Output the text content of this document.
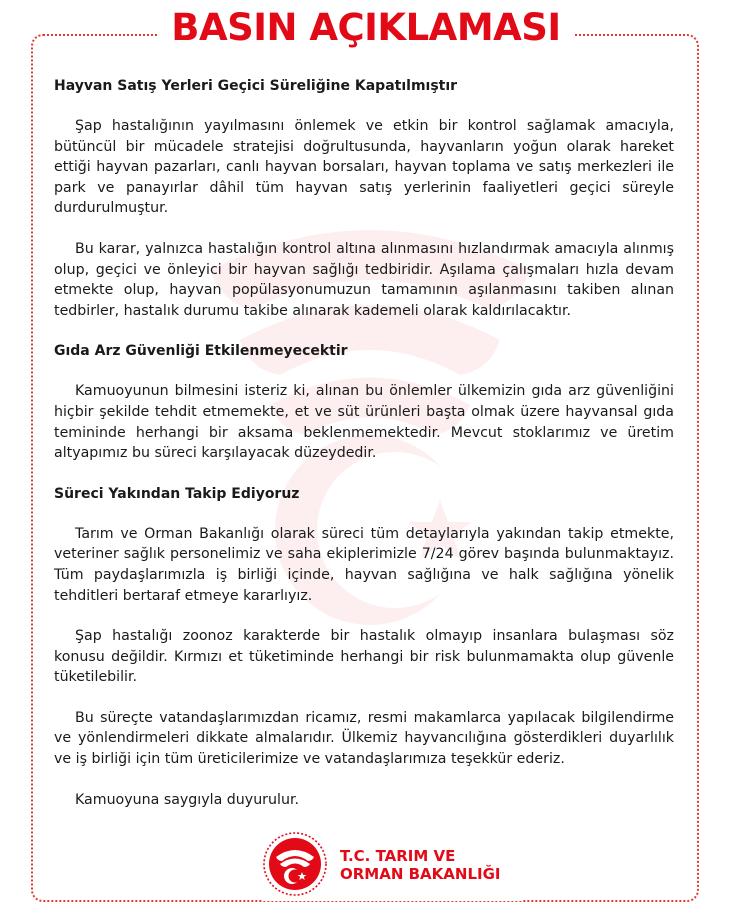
BASIN AÇIKLAMASI
Hayvan Satış Yerleri Geçici Süreliğine Kapatılmıştır

Şap hastalığının yayılmasını önlemek ve etkin bir kontrol sağlamak amacıyla, bütüncül bir mücadele stratejisi doğrultusunda, hayvanların yoğun olarak hareket ettiği hayvan pazarları, canlı hayvan borsaları, hayvan toplama ve satış merkezleri ile park ve panayırlar dâhil tüm hayvan satış yerlerinin faaliyetleri geçici süreyle durdurulmuştur.

Bu karar, yalnızca hastalığın kontrol altına alınmasını hızlandırmak amacıyla alınmış olup, geçici ve önleyici bir hayvan sağlığı tedbiridir. Aşılama çalışmaları hızla devam etmekte olup, hayvan popülasyonumuzun tamamının aşılanmasını takiben alınan tedbirler, hastalık durumu takibe alınarak kademeli olarak kaldırılacaktır.

Gıda Arz Güvenliği Etkilenmeyecektir

Kamuoyunun bilmesini isteriz ki, alınan bu önlemler ülkemizin gıda arz güvenliğini hiçbir şekilde tehdit etmemekte, et ve süt ürünleri başta olmak üzere hayvansal gıda temininde herhangi bir aksama beklenmemektedir. Mevcut stoklarımız ve üretim altyapımız bu süreci karşılayacak düzeydedir.

Süreci Yakından Takip Ediyoruz

Tarım ve Orman Bakanlığı olarak süreci tüm detaylarıyla yakından takip etmekte, veteriner sağlık personelimiz ve saha ekiplerimizle 7/24 görev başında bulunmaktayız. Tüm paydaşlarımızla iş birliği içinde, hayvan sağlığına ve halk sağlığına yönelik tehditleri bertaraf etmeye kararlıyız.

Şap hastalığı zoonoz karakterde bir hastalık olmayıp insanlara bulaşması söz konusu değildir. Kırmızı et tüketiminde herhangi bir risk bulunmamakta olup güvenle tüketilebilir.

Bu süreçte vatandaşlarımızdan ricamız, resmi makamlarca yapılacak bilgilendirme ve yönlendirmeleri dikkate almalarıdır. Ülkemiz hayvancılığına gösterdikleri duyarlılık ve iş birliği için tüm üreticilerimize ve vatandaşlarımıza teşekkür ederiz.

Kamuoyuna saygıyla duyurulur.

T.C. TARIM VE
ORMAN BAKANLIĞI
